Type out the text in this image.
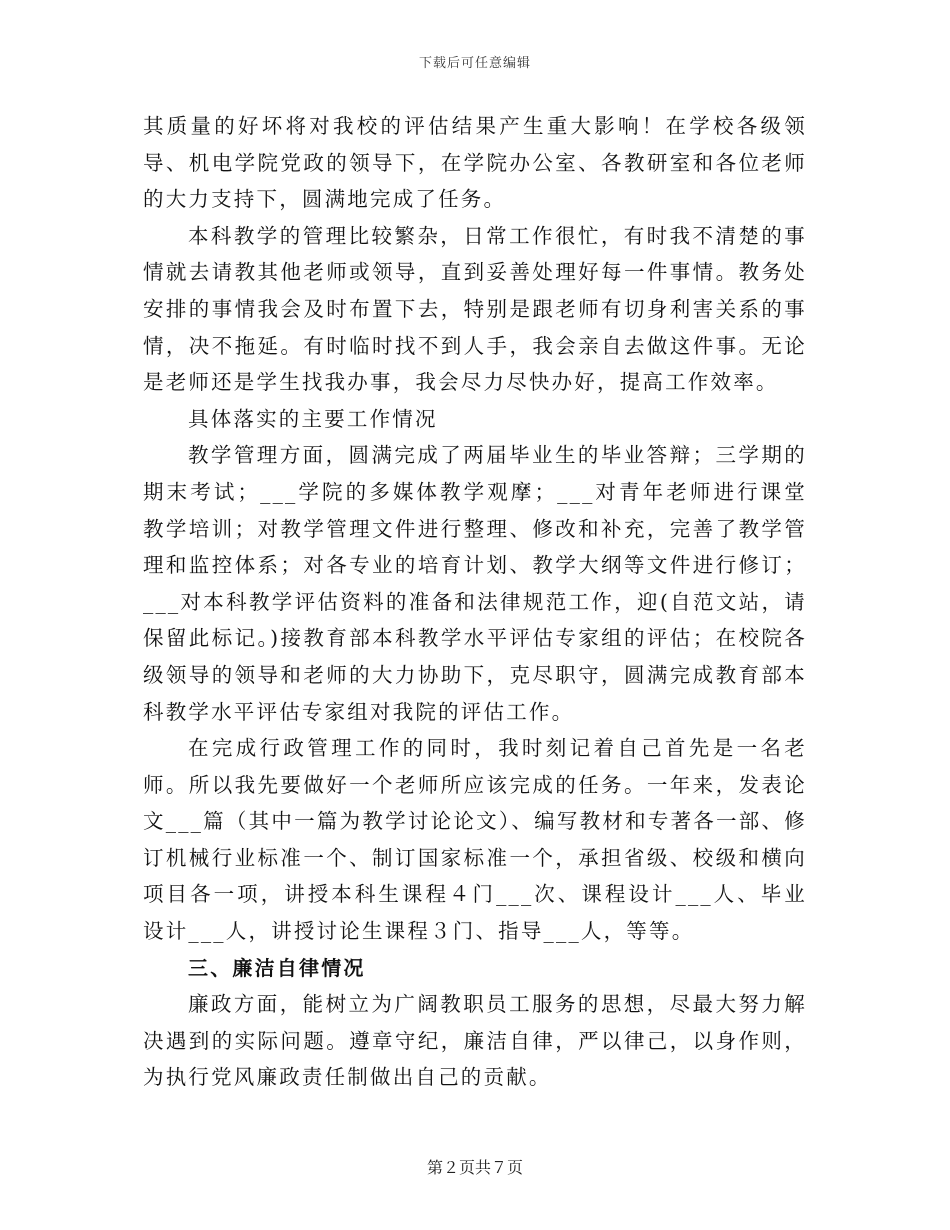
下载后可任意编辑

其质量的好坏将对我校的评估结果产生重大影响！在学校各级领导、机电学院党政的领导下，在学院办公室、各教研室和各位老师的大力支持下，圆满地完成了任务。

本科教学的管理比较繁杂，日常工作很忙，有时我不清楚的事情就去请教其他老师或领导，直到妥善处理好每一件事情。教务处安排的事情我会及时布置下去，特别是跟老师有切身利害关系的事情，决不拖延。有时临时找不到人手，我会亲自去做这件事。无论是老师还是学生找我办事，我会尽力尽快办好，提高工作效率。

具体落实的主要工作情况

教学管理方面，圆满完成了两届毕业生的毕业答辩；三学期的期末考试；___学院的多媒体教学观摩；___对青年老师进行课堂教学培训；对教学管理文件进行整理、修改和补充，完善了教学管理和监控体系；对各专业的培育计划、教学大纲等文件进行修订；___对本科教学评估资料的准备和法律规范工作，迎(自范文站，请保留此标记。)接教育部本科教学水平评估专家组的评估；在校院各级领导的领导和老师的大力协助下，克尽职守，圆满完成教育部本科教学水平评估专家组对我院的评估工作。

在完成行政管理工作的同时，我时刻记着自己首先是一名老师。所以我先要做好一个老师所应该完成的任务。一年来，发表论文___篇（其中一篇为教学讨论论文）、编写教材和专著各一部、修订机械行业标准一个、制订国家标准一个，承担省级、校级和横向项目各一项，讲授本科生课程４门___次、课程设计___人、毕业设计___人，讲授讨论生课程３门、指导___人，等等。

三、廉洁自律情况

廉政方面，能树立为广阔教职员工服务的思想，尽最大努力解决遇到的实际问题。遵章守纪，廉洁自律，严以律己，以身作则，为执行党风廉政责任制做出自己的贡献。

第２页共７页
